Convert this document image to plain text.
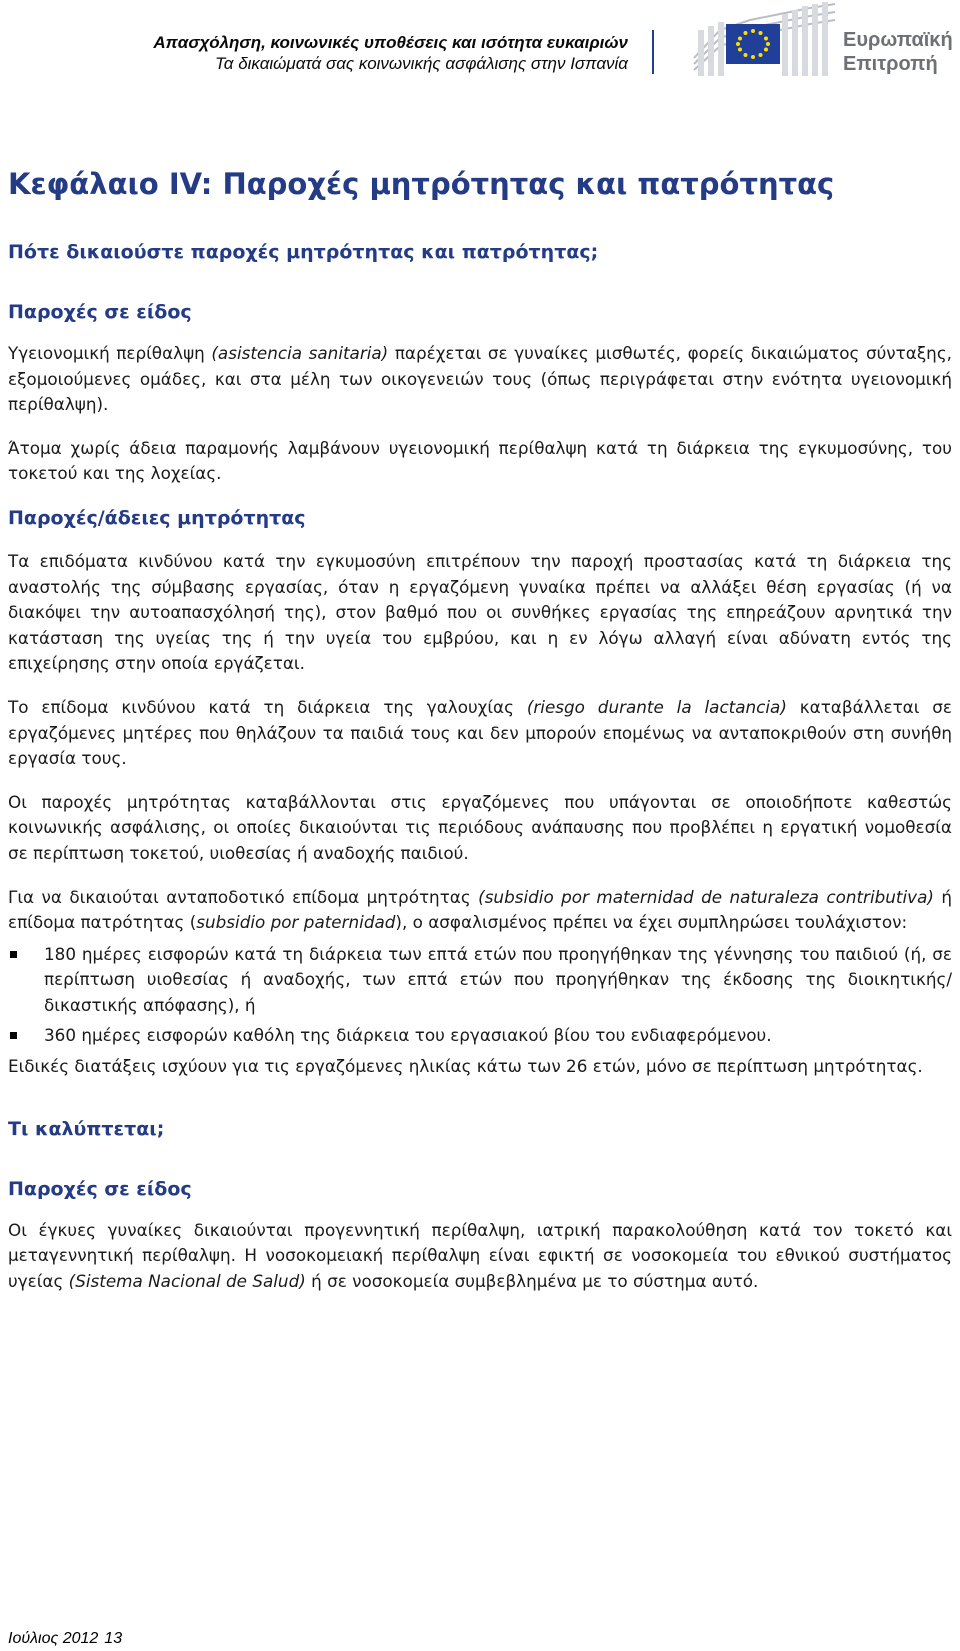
Απασχόληση, κοινωνικές υποθέσεις και ισότητα ευκαιριών
Τα δικαιώματά σας κοινωνικής ασφάλισης στην Ισπανία
Ευρωπαϊκή
Επιτροπή
Κεφάλαιο IV: Παροχές μητρότητας και πατρότητας
Πότε δικαιούστε παροχές μητρότητας και πατρότητας;
Παροχές σε είδος

Υγειονομική περίθαλψη (asistencia sanitaria) παρέχεται σε γυναίκες μισθωτές, φορείς δικαιώματος σύνταξης, εξομοιούμενες ομάδες, και στα μέλη των οικογενειών τους (όπως περιγράφεται στην ενότητα υγειονομική περίθαλψη).

Άτομα χωρίς άδεια παραμονής λαμβάνουν υγειονομική περίθαλψη κατά τη διάρκεια της εγκυμοσύνης, του τοκετού και της λοχείας.

Παροχές/άδειες μητρότητας

Τα επιδόματα κινδύνου κατά την εγκυμοσύνη επιτρέπουν την παροχή προστασίας κατά τη διάρκεια της αναστολής της σύμβασης εργασίας, όταν η εργαζόμενη γυναίκα πρέπει να αλλάξει θέση εργασίας (ή να διακόψει την αυτοαπασχόλησή της), στον βαθμό που οι συνθήκες εργασίας της επηρεάζουν αρνητικά την κατάσταση της υγείας της ή την υγεία του εμβρύου, και η εν λόγω αλλαγή είναι αδύνατη εντός της επιχείρησης στην οποία εργάζεται.

Το επίδομα κινδύνου κατά τη διάρκεια της γαλουχίας (riesgo durante la lactancia) καταβάλλεται σε εργαζόμενες μητέρες που θηλάζουν τα παιδιά τους και δεν μπορούν επομένως να ανταποκριθούν στη συνήθη εργασία τους.

Οι παροχές μητρότητας καταβάλλονται στις εργαζόμενες που υπάγονται σε οποιοδήποτε καθεστώς κοινωνικής ασφάλισης, οι οποίες δικαιούνται τις περιόδους ανάπαυσης που προβλέπει η εργατική νομοθεσία σε περίπτωση τοκετού, υιοθεσίας ή αναδοχής παιδιού.

Για να δικαιούται ανταποδοτικό επίδομα μητρότητας (subsidio por maternidad de naturaleza contributiva) ή επίδομα πατρότητας (subsidio por paternidad), ο ασφαλισμένος πρέπει να έχει συμπληρώσει τουλάχιστον:

180 ημέρες εισφορών κατά τη διάρκεια των επτά ετών που προηγήθηκαν της γέννησης του παιδιού (ή, σε περίπτωση υιοθεσίας ή αναδοχής, των επτά ετών που προηγήθηκαν της έκδοσης της διοικητικής/δικαστικής απόφασης), ή
360 ημέρες εισφορών καθόλη της διάρκεια του εργασιακού βίου του ενδιαφερόμενου.

Ειδικές διατάξεις ισχύουν για τις εργαζόμενες ηλικίας κάτω των 26 ετών, μόνο σε περίπτωση μητρότητας.

Τι καλύπτεται;
Παροχές σε είδος

Οι έγκυες γυναίκες δικαιούνται προγεννητική περίθαλψη, ιατρική παρακολούθηση κατά τον τοκετό και μεταγεννητική περίθαλψη. Η νοσοκομειακή περίθαλψη είναι εφικτή σε νοσοκομεία του εθνικού συστήματος υγείας (Sistema Nacional de Salud) ή σε νοσοκομεία συμβεβλημένα με το σύστημα αυτό.

Ιούλιος 2012 13
